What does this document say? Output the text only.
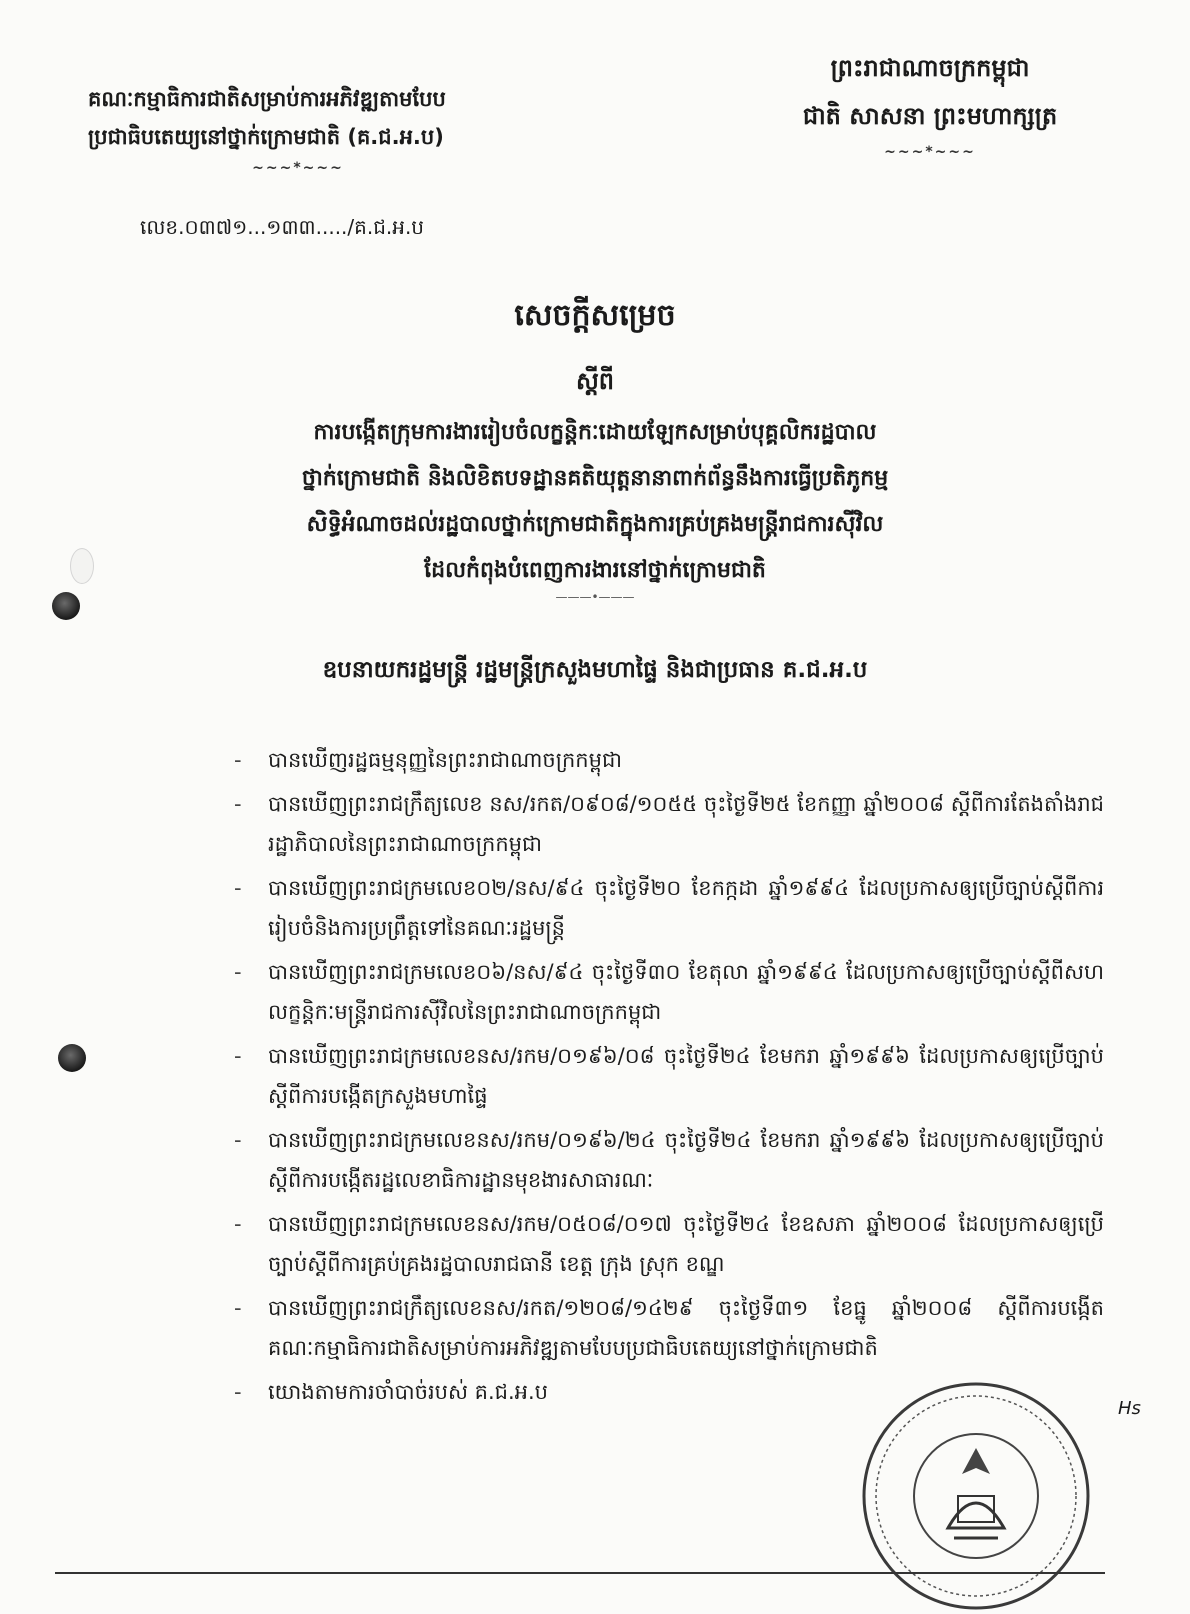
គណៈកម្មាធិការជាតិសម្រាប់ការអភិវឌ្ឍតាមបែប
ប្រជាធិបតេយ្យនៅថ្នាក់ក្រោមជាតិ (គ.ជ.អ.ប)
~~~*~~~
ព្រះរាជាណាចក្រកម្ពុជា
ជាតិ សាសនា ព្រះមហាក្សត្រ
~~~*~~~
លេខ.០៣៧១...១៣៣...../គ.ជ.អ.ប
សេចក្តីសម្រេច
ស្តីពី
ការបង្កើតក្រុមការងាររៀបចំលក្ខន្តិកៈដោយឡែកសម្រាប់បុគ្គលិករដ្ឋបាល
ថ្នាក់ក្រោមជាតិ និងលិខិតបទដ្ឋានគតិយុត្តនានាពាក់ព័ន្ធនឹងការធ្វើប្រតិភូកម្ម
សិទ្ធិអំណាចដល់រដ្ឋបាលថ្នាក់ក្រោមជាតិក្នុងការគ្រប់គ្រងមន្ត្រីរាជការស៊ីវិល
ដែលកំពុងបំពេញការងារនៅថ្នាក់ក្រោមជាតិ
———•———
ឧបនាយករដ្ឋមន្ត្រី រដ្ឋមន្ត្រីក្រសួងមហាផ្ទៃ និងជាប្រធាន គ.ជ.អ.ប
- បានឃើញរដ្ឋធម្មនុញ្ញនៃព្រះរាជាណាចក្រកម្ពុជា
- បានឃើញព្រះរាជក្រឹត្យលេខ នស/រកត/០៩០៨/១០៥៥ ចុះថ្ងៃទី២៥ ខែកញ្ញា ឆ្នាំ២០០៨ ស្តីពីការតែងតាំងរាជរដ្ឋាភិបាលនៃព្រះរាជាណាចក្រកម្ពុជា
- បានឃើញព្រះរាជក្រមលេខ០២/នស/៩៤ ចុះថ្ងៃទី២០ ខែកក្កដា ឆ្នាំ១៩៩៤ ដែលប្រកាសឲ្យប្រើច្បាប់ស្តីពីការរៀបចំនិងការប្រព្រឹត្តទៅនៃគណៈរដ្ឋមន្ត្រី
- បានឃើញព្រះរាជក្រមលេខ០៦/នស/៩៤ ចុះថ្ងៃទី៣០ ខែតុលា ឆ្នាំ១៩៩៤ ដែលប្រកាសឲ្យប្រើច្បាប់ស្តីពីសហលក្ខន្តិកៈមន្ត្រីរាជការស៊ីវិលនៃព្រះរាជាណាចក្រកម្ពុជា
- បានឃើញព្រះរាជក្រមលេខនស/រកម/០១៩៦/០៨ ចុះថ្ងៃទី២៤ ខែមករា ឆ្នាំ១៩៩៦ ដែលប្រកាសឲ្យប្រើច្បាប់ស្តីពីការបង្កើតក្រសួងមហាផ្ទៃ
- បានឃើញព្រះរាជក្រមលេខនស/រកម/០១៩៦/២៤ ចុះថ្ងៃទី២៤ ខែមករា ឆ្នាំ១៩៩៦ ដែលប្រកាសឲ្យប្រើច្បាប់ស្តីពីការបង្កើតរដ្ឋលេខាធិការដ្ឋានមុខងារសាធារណៈ
- បានឃើញព្រះរាជក្រមលេខនស/រកម/០៥០៨/០១៧ ចុះថ្ងៃទី២៤ ខែឧសភា ឆ្នាំ២០០៨ ដែលប្រកាសឲ្យប្រើច្បាប់ស្តីពីការគ្រប់គ្រងរដ្ឋបាលរាជធានី ខេត្ត ក្រុង ស្រុក ខណ្ឌ
- បានឃើញព្រះរាជក្រឹត្យលេខនស/រកត/១២០៨/១៤២៩ ចុះថ្ងៃទី៣១ ខែធ្នូ ឆ្នាំ២០០៨ ស្តីពីការបង្កើតគណៈកម្មាធិការជាតិសម្រាប់ការអភិវឌ្ឍតាមបែបប្រជាធិបតេយ្យនៅថ្នាក់ក្រោមជាតិ
- យោងតាមការចាំបាច់របស់ គ.ជ.អ.ប
Hs
